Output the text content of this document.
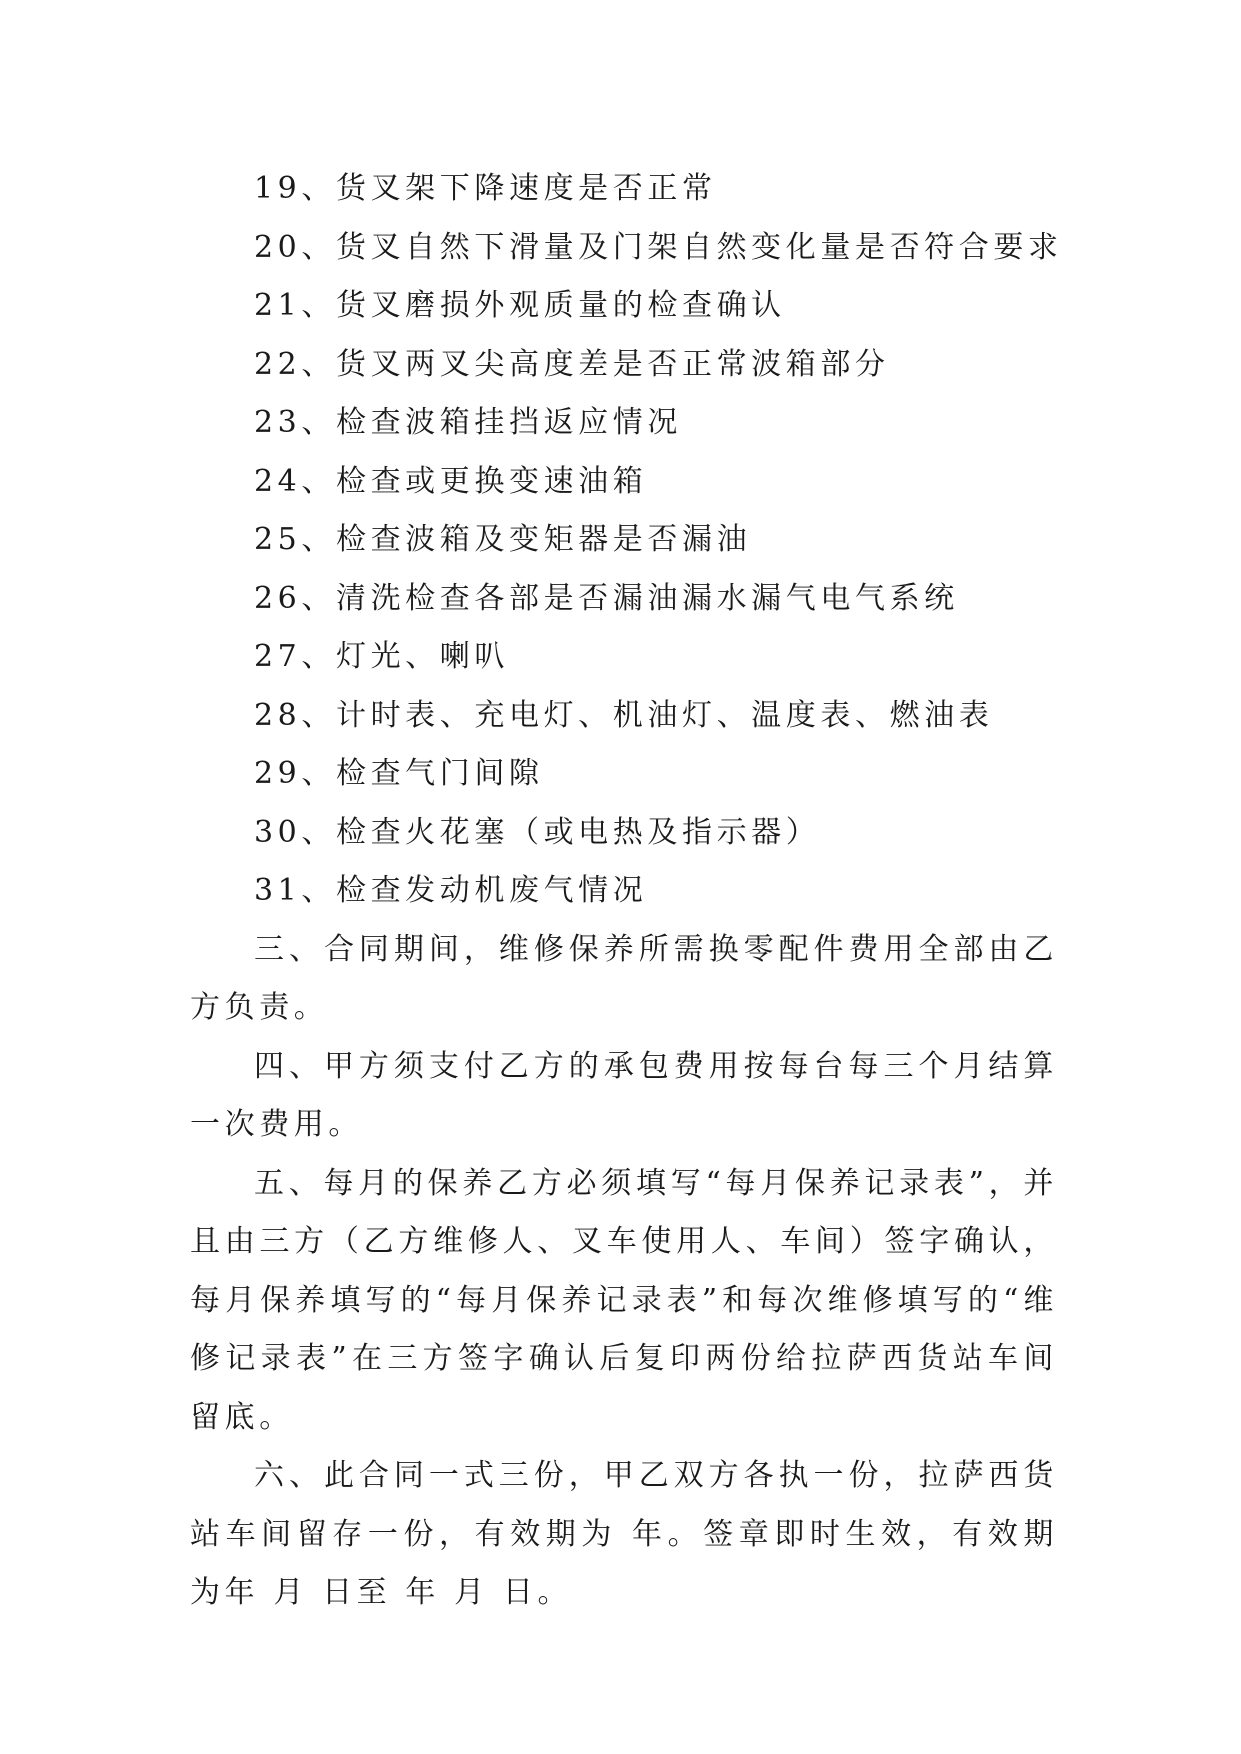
19、货叉架下降速度是否正常

20、货叉自然下滑量及门架自然变化量是否符合要求

21、货叉磨损外观质量的检查确认

22、货叉两叉尖高度差是否正常波箱部分

23、检查波箱挂挡返应情况

24、检查或更换变速油箱

25、检查波箱及变矩器是否漏油

26、清洗检查各部是否漏油漏水漏气电气系统

27、灯光、喇叭

28、计时表、充电灯、机油灯、温度表、燃油表

29、检查气门间隙

30、检查火花塞（或电热及指示器）

31、检查发动机废气情况

三、合同期间，维修保养所需换零配件费用全部由乙方负责。

四、甲方须支付乙方的承包费用按每台每三个月结算一次费用。

五、每月的保养乙方必须填写“每月保养记录表”，并且由三方（乙方维修人、叉车使用人、车间）签字确认，每月保养填写的“每月保养记录表”和每次维修填写的“维修记录表”在三方签字确认后复印两份给拉萨西货站车间留底。

六、此合同一式三份，甲乙双方各执一份，拉萨西货站车间留存一份，有效期为 年。签章即时生效，有效期为年 月 日至 年 月 日。
